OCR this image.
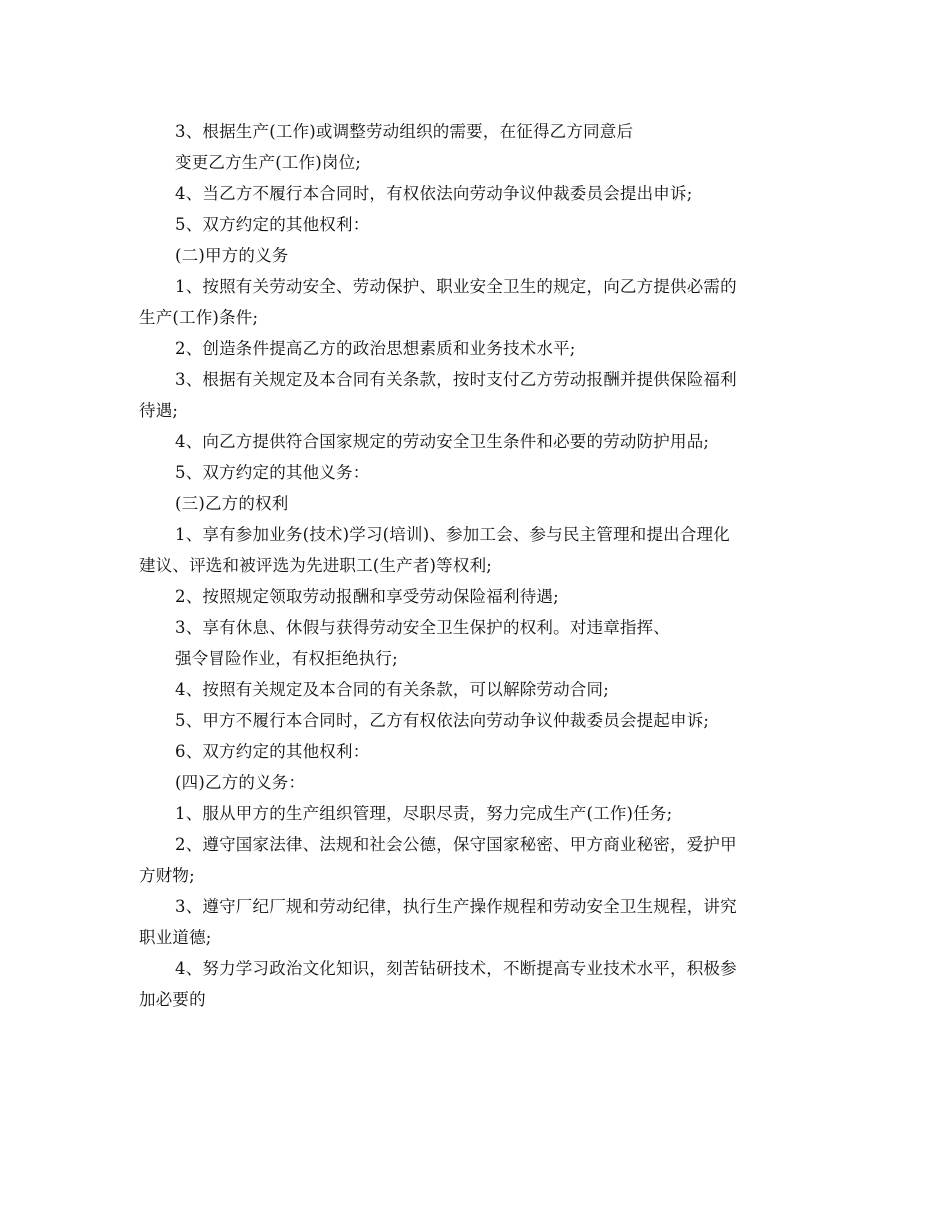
3、根据生产(工作)或调整劳动组织的需要，在征得乙方同意后
变更乙方生产(工作)岗位;
4、当乙方不履行本合同时，有权依法向劳动争议仲裁委员会提出申诉;
5、双方约定的其他权利：
(二)甲方的义务
1、按照有关劳动安全、劳动保护、职业安全卫生的规定，向乙方提供必需的
生产(工作)条件;
2、创造条件提高乙方的政治思想素质和业务技术水平;
3、根据有关规定及本合同有关条款，按时支付乙方劳动报酬并提供保险福利
待遇;
4、向乙方提供符合国家规定的劳动安全卫生条件和必要的劳动防护用品;
5、双方约定的其他义务：
(三)乙方的权利
1、享有参加业务(技术)学习(培训)、参加工会、参与民主管理和提出合理化
建议、评选和被评选为先进职工(生产者)等权利;
2、按照规定领取劳动报酬和享受劳动保险福利待遇;
3、享有休息、休假与获得劳动安全卫生保护的权利。对违章指挥、
强令冒险作业，有权拒绝执行;
4、按照有关规定及本合同的有关条款，可以解除劳动合同;
5、甲方不履行本合同时，乙方有权依法向劳动争议仲裁委员会提起申诉;
6、双方约定的其他权利：
(四)乙方的义务：
1、服从甲方的生产组织管理，尽职尽责，努力完成生产(工作)任务;
2、遵守国家法律、法规和社会公德，保守国家秘密、甲方商业秘密，爱护甲
方财物;
3、遵守厂纪厂规和劳动纪律，执行生产操作规程和劳动安全卫生规程，讲究
职业道德;
4、努力学习政治文化知识，刻苦钻研技术，不断提高专业技术水平，积极参
加必要的
